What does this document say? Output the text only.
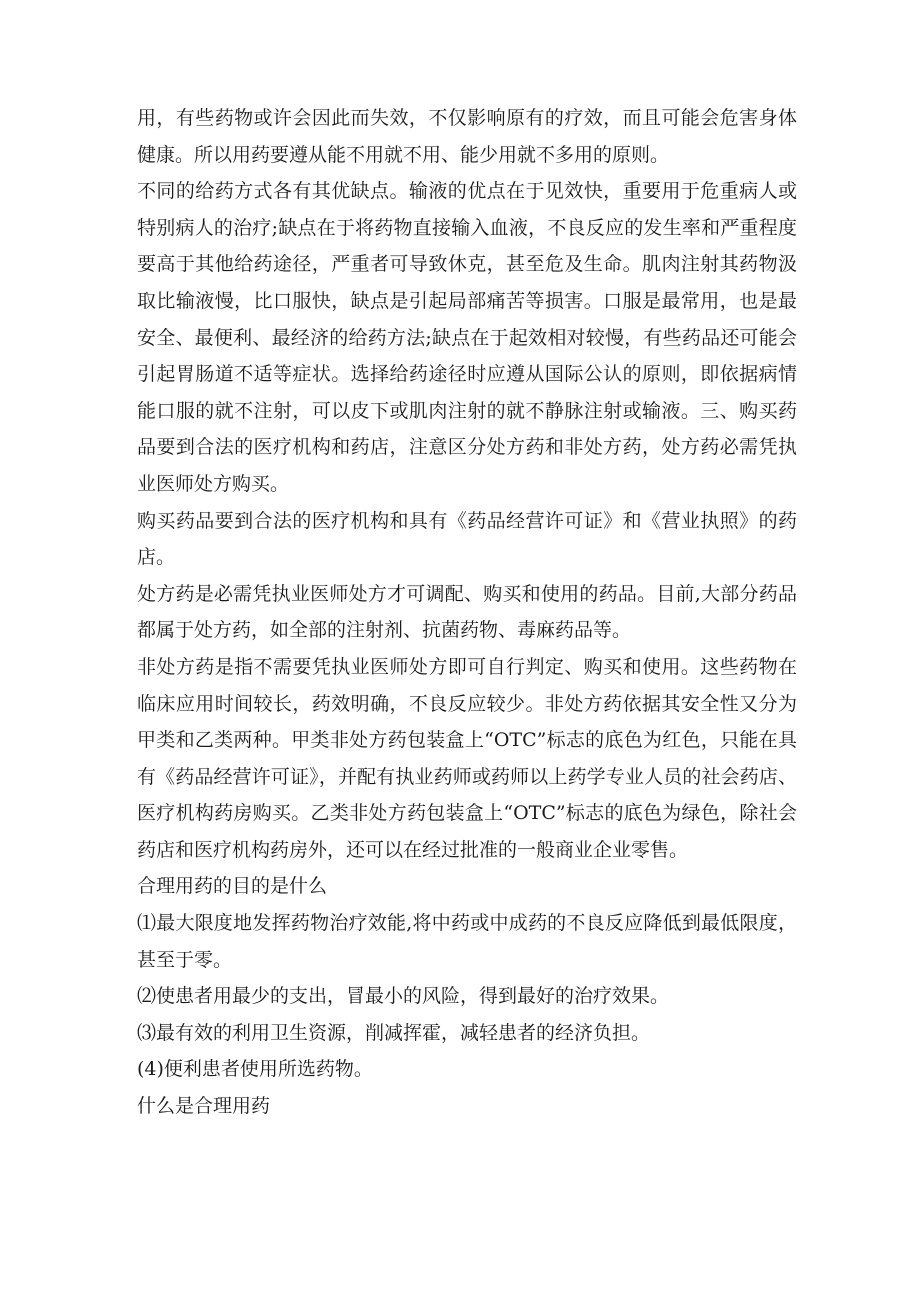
用，有些药物或许会因此而失效，不仅影响原有的疗效，而且可能会危害身体健康。所以用药要遵从能不用就不用、能少用就不多用的原则。

不同的给药方式各有其优缺点。输液的优点在于见效快，重要用于危重病人或特别病人的治疗;缺点在于将药物直接输入血液，不良反应的发生率和严重程度要高于其他给药途径，严重者可导致休克，甚至危及生命。肌肉注射其药物汲取比输液慢，比口服快，缺点是引起局部痛苦等损害。口服是最常用，也是最安全、最便利、最经济的给药方法;缺点在于起效相对较慢，有些药品还可能会引起胃肠道不适等症状。选择给药途径时应遵从国际公认的原则，即依据病情能口服的就不注射，可以皮下或肌肉注射的就不静脉注射或输液。三、购买药品要到合法的医疗机构和药店，注意区分处方药和非处方药，处方药必需凭执业医师处方购买。

购买药品要到合法的医疗机构和具有《药品经营许可证》和《营业执照》的药店。

处方药是必需凭执业医师处方才可调配、购买和使用的药品。目前,大部分药品都属于处方药，如全部的注射剂、抗菌药物、毒麻药品等。

非处方药是指不需要凭执业医师处方即可自行判定、购买和使用。这些药物在临床应用时间较长，药效明确，不良反应较少。非处方药依据其安全性又分为甲类和乙类两种。甲类非处方药包装盒上“OTC”标志的底色为红色，只能在具有《药品经营许可证》，并配有执业药师或药师以上药学专业人员的社会药店、医疗机构药房购买。乙类非处方药包装盒上“OTC”标志的底色为绿色，除社会药店和医疗机构药房外，还可以在经过批准的一般商业企业零售。

合理用药的目的是什么

⑴最大限度地发挥药物治疗效能,将中药或中成药的不良反应降低到最低限度，甚至于零。

⑵使患者用最少的支出，冒最小的风险，得到最好的治疗效果。

⑶最有效的利用卫生资源，削减挥霍，减轻患者的经济负担。

(4)便利患者使用所选药物。

什么是合理用药
